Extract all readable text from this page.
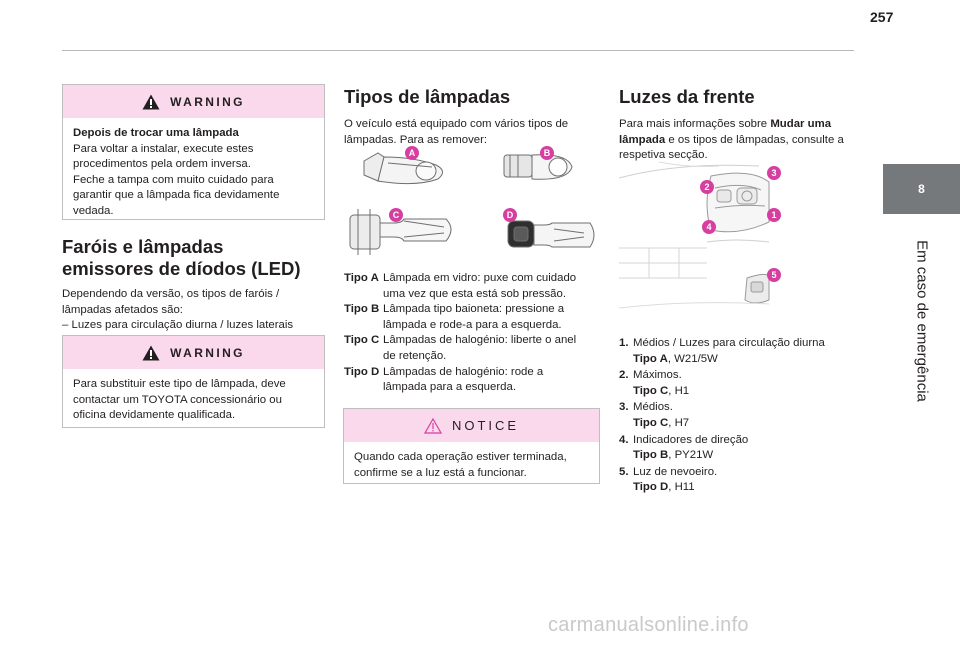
257
8
Em caso de emergência
WARNING

Depois de trocar uma lâmpada

Para voltar a instalar, execute estes

procedimentos pela ordem inversa.

Feche a tampa com muito cuidado para

garantir que a lâmpada fica devidamente

vedada.

Faróis e lâmpadas
emissores de díodos (LED)

Dependendo da versão, os tipos de faróis /

lâmpadas afetados são:

– Luzes para circulação diurna / luzes laterais

WARNING

Para substituir este tipo de lâmpada, deve

contactar um TOYOTA concessionário ou

oficina devidamente qualificada.

Tipos de lâmpadas

O veículo está equipado com vários tipos de

lâmpadas. Para as remover:

A	B
C	D
Tipo A Lâmpada em vidro: puxe com cuidado

uma vez que esta está sob pressão.

Tipo B Lâmpada tipo baioneta: pressione a

lâmpada e rode-a para a esquerda.

Tipo C Lâmpadas de halogénio: liberte o anel

de retenção.

Tipo D Lâmpadas de halogénio: rode a

lâmpada para a esquerda.

NOTICE

Quando cada operação estiver terminada,

confirme se a luz está a funcionar.

Luzes da frente

Para mais informações sobre Mudar uma

lâmpada e os tipos de lâmpadas, consulte a

respetiva secção.

1
2
3
4
5
1. Médios / Luzes para circulação diurna

Tipo A, W21/5W

2. Máximos.

Tipo C, H1

3. Médios.

Tipo C, H7

4. Indicadores de direção

Tipo B, PY21W

5. Luz de nevoeiro.

Tipo D, H11

carmanualsonline.info
